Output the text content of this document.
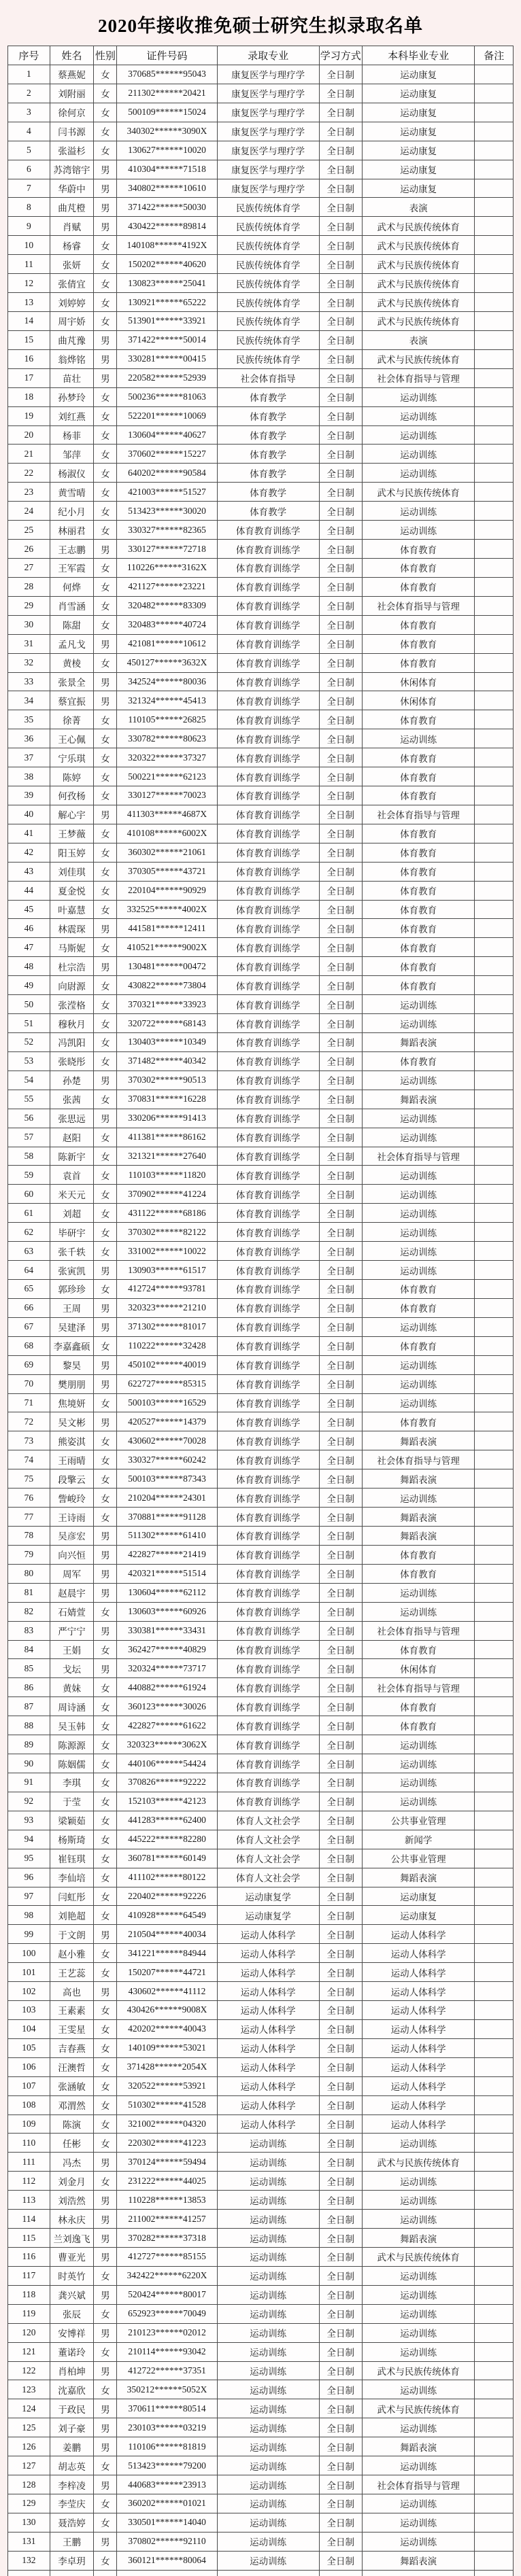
2020年接收推免硕士研究生拟录取名单
序号	姓名	性别	证件号码	录取专业	学习方式	本科毕业专业	备注
1	蔡燕妮	女	370685******95043	康复医学与理疗学	全日制	运动康复	
2	刘附丽	女	211302******20421	康复医学与理疗学	全日制	运动康复	
3	徐何京	女	500109******15024	康复医学与理疗学	全日制	运动康复	
4	闫书源	女	340302******3090X	康复医学与理疗学	全日制	运动康复	
5	张溢杉	女	130627******10020	康复医学与理疗学	全日制	运动康复	
6	苏湾镕宇	男	410304******71518	康复医学与理疗学	全日制	运动康复	
7	华蔚中	男	340802******10610	康复医学与理疗学	全日制	运动康复	
8	曲芃橙	男	371422******50030	民族传统体育学	全日制	表演	
9	肖赋	男	430422******89814	民族传统体育学	全日制	武术与民族传统体育	
10	杨睿	女	140108******4192X	民族传统体育学	全日制	武术与民族传统体育	
11	张妍	女	150202******40620	民族传统体育学	全日制	武术与民族传统体育	
12	张倩宜	女	130823******25041	民族传统体育学	全日制	武术与民族传统体育	
13	刘婷婷	女	130921******65222	民族传统体育学	全日制	武术与民族传统体育	
14	周宇娇	女	513901******33921	民族传统体育学	全日制	武术与民族传统体育	
15	曲芃豫	男	371422******50014	民族传统体育学	全日制	表演	
16	翁烨铭	男	330281******00415	民族传统体育学	全日制	武术与民族传统体育	
17	苗壮	男	220582******52939	社会体育指导	全日制	社会体育指导与管理	
18	孙梦玲	女	500236******81063	体育教学	全日制	运动训练	
19	刘红燕	女	522201******10069	体育教学	全日制	运动训练	
20	杨菲	女	130604******40627	体育教学	全日制	运动训练	
21	邹萍	女	370602******15227	体育教学	全日制	运动训练	
22	杨淑仪	女	640202******90584	体育教学	全日制	运动训练	
23	黄雪晴	女	421003******51527	体育教学	全日制	武术与民族传统体育	
24	纪小月	女	513423******30020	体育教学	全日制	运动训练	
25	林丽君	女	330327******82365	体育教育训练学	全日制	运动训练	
26	王志鹏	男	330127******72718	体育教育训练学	全日制	体育教育	
27	王军霞	女	110226******3162X	体育教育训练学	全日制	体育教育	
28	何烨	女	421127******23221	体育教育训练学	全日制	体育教育	
29	肖雪涵	女	320482******83309	体育教育训练学	全日制	社会体育指导与管理	
30	陈甜	女	320483******40724	体育教育训练学	全日制	体育教育	
31	孟凡戈	男	421081******10612	体育教育训练学	全日制	体育教育	
32	黄棱	女	450127******3632X	体育教育训练学	全日制	体育教育	
33	张景全	男	342524******80036	体育教育训练学	全日制	休闲体育	
34	蔡宜振	男	321324******45413	体育教育训练学	全日制	休闲体育	
35	徐菁	女	110105******26825	体育教育训练学	全日制	体育教育	
36	王心佩	女	330782******80623	体育教育训练学	全日制	运动训练	
37	宁乐琪	女	320322******37327	体育教育训练学	全日制	体育教育	
38	陈婷	女	500221******62123	体育教育训练学	全日制	体育教育	
39	何孜杨	女	330127******70023	体育教育训练学	全日制	体育教育	
40	解心宇	男	411303******4687X	体育教育训练学	全日制	社会体育指导与管理	
41	王梦薇	女	410108******6002X	体育教育训练学	全日制	体育教育	
42	阳玉婷	女	360302******21061	体育教育训练学	全日制	体育教育	
43	刘佳琪	女	370305******43721	体育教育训练学	全日制	体育教育	
44	夏金悦	女	220104******90929	体育教育训练学	全日制	体育教育	
45	叶嘉慧	女	332525******4002X	体育教育训练学	全日制	体育教育	
46	林震琛	男	441581******12411	体育教育训练学	全日制	体育教育	
47	马斯妮	女	410521******9002X	体育教育训练学	全日制	体育教育	
48	杜宗浩	男	130481******00472	体育教育训练学	全日制	体育教育	
49	向尉源	女	430822******73804	体育教育训练学	全日制	体育教育	
50	张滢格	女	370321******33923	体育教育训练学	全日制	运动训练	
51	穆秋月	女	320722******68143	体育教育训练学	全日制	运动训练	
52	冯凯阳	女	130403******10349	体育教育训练学	全日制	舞蹈表演	
53	张晓彤	女	371482******40342	体育教育训练学	全日制	体育教育	
54	孙楚	男	370302******90513	体育教育训练学	全日制	运动训练	
55	张茜	女	370831******16228	体育教育训练学	全日制	舞蹈表演	
56	张思远	男	330206******91413	体育教育训练学	全日制	运动训练	
57	赵阳	女	411381******86162	体育教育训练学	全日制	运动训练	
58	陈新宇	女	321321******27640	体育教育训练学	全日制	社会体育指导与管理	
59	袁首	女	110103******11820	体育教育训练学	全日制	运动训练	
60	米天元	女	370902******41224	体育教育训练学	全日制	运动训练	
61	刘超	女	431122******68186	体育教育训练学	全日制	运动训练	
62	毕研宇	女	370302******82122	体育教育训练学	全日制	运动训练	
63	张千轶	女	331002******10022	体育教育训练学	全日制	运动训练	
64	张寅凯	男	130903******61517	体育教育训练学	全日制	运动训练	
65	郭珍珍	女	412724******93781	体育教育训练学	全日制	体育教育	
66	王周	男	320323******21210	体育教育训练学	全日制	体育教育	
67	吴建泽	男	371302******81017	体育教育训练学	全日制	运动训练	
68	李嘉鑫硕	女	110222******32428	体育教育训练学	全日制	体育教育	
69	黎昊	男	450102******40019	体育教育训练学	全日制	运动训练	
70	樊朋朋	男	622727******85315	体育教育训练学	全日制	运动训练	
71	焦境妍	女	500103******16529	体育教育训练学	全日制	运动训练	
72	吴文彬	男	420527******14379	体育教育训练学	全日制	体育教育	
73	熊姿淇	女	430602******70028	体育教育训练学	全日制	舞蹈表演	
74	王雨晴	女	330327******60242	体育教育训练学	全日制	社会体育指导与管理	
75	段擎云	女	500103******87343	体育教育训练学	全日制	舞蹈表演	
76	訾峻玲	女	210204******24301	体育教育训练学	全日制	运动训练	
77	王诗雨	女	370881******91128	体育教育训练学	全日制	舞蹈表演	
78	吴彦宏	男	511302******61410	体育教育训练学	全日制	舞蹈表演	
79	向兴恒	男	422827******21419	体育教育训练学	全日制	体育教育	
80	周军	男	420321******51514	体育教育训练学	全日制	体育教育	
81	赵晨宇	男	130604******62112	体育教育训练学	全日制	运动训练	
82	石婧萱	女	130603******60926	体育教育训练学	全日制	运动训练	
83	严宁宁	男	330381******33431	体育教育训练学	全日制	社会体育指导与管理	
84	王娟	女	362427******40829	体育教育训练学	全日制	体育教育	
85	戈坛	男	320324******73717	体育教育训练学	全日制	休闲体育	
86	黄妹	女	440882******61924	体育教育训练学	全日制	社会体育指导与管理	
87	周诗涵	女	360123******30026	体育教育训练学	全日制	体育教育	
88	吴玉韩	女	422827******61622	体育教育训练学	全日制	体育教育	
89	陈源源	女	320323******3062X	体育教育训练学	全日制	运动训练	
90	陈姻儒	女	440106******54424	体育教育训练学	全日制	运动训练	
91	李琪	女	370826******92222	体育教育训练学	全日制	运动训练	
92	于莹	女	152103******42123	体育教育训练学	全日制	运动训练	
93	梁颖茹	女	441283******62400	体育人文社会学	全日制	公共事业管理	
94	杨斯琦	女	445222******82280	体育人文社会学	全日制	新闻学	
95	崔钰琪	女	360781******60149	体育人文社会学	全日制	公共事业管理	
96	李仙培	女	411102******80122	体育人文社会学	全日制	舞蹈表演	
97	闫虹彤	女	220402******92226	运动康复学	全日制	运动康复	
98	刘艳超	女	410928******64549	运动康复学	全日制	运动康复	
99	于文朗	男	210504******40034	运动人体科学	全日制	运动人体科学	
100	赵小雅	女	341221******84944	运动人体科学	全日制	运动人体科学	
101	王艺蕊	女	150207******44721	运动人体科学	全日制	运动人体科学	
102	高也	男	430602******41112	运动人体科学	全日制	运动人体科学	
103	王素素	女	430426******9008X	运动人体科学	全日制	运动人体科学	
104	王雯星	女	420202******40043	运动人体科学	全日制	运动人体科学	
105	吉春燕	女	140109******53021	运动人体科学	全日制	运动人体科学	
106	汪澳哲	女	371428******2054X	运动人体科学	全日制	运动人体科学	
107	张涵敏	女	320522******53921	运动人体科学	全日制	运动人体科学	
108	邓渭然	女	510302******41528	运动人体科学	全日制	运动人体科学	
109	陈演	女	321002******04320	运动人体科学	全日制	运动人体科学	
110	任彬	女	220302******41223	运动训练	全日制	运动训练	
111	冯杰	男	370124******59494	运动训练	全日制	武术与民族传统体育	
112	刘金月	女	231222******44025	运动训练	全日制	运动训练	
113	刘浩然	男	110228******13853	运动训练	全日制	运动训练	
114	林永庆	男	211002******41257	运动训练	全日制	运动训练	
115	兰刘逸飞	男	370282******37318	运动训练	全日制	舞蹈表演	
116	曹亚光	男	412727******85155	运动训练	全日制	武术与民族传统体育	
117	时英竹	女	342422******6220X	运动训练	全日制	运动训练	
118	龚兴斌	男	520424******80017	运动训练	全日制	运动训练	
119	张辰	女	652923******70049	运动训练	全日制	运动训练	
120	安博祥	男	210123******02012	运动训练	全日制	运动训练	
121	董诺玲	女	210114******93042	运动训练	全日制	运动训练	
122	肖柏坤	男	412722******37351	运动训练	全日制	武术与民族传统体育	
123	沈嘉欣	女	350212******5052X	运动训练	全日制	运动训练	
124	于政民	男	370611******80514	运动训练	全日制	武术与民族传统体育	
125	刘子豪	男	230103******03219	运动训练	全日制	运动训练	
126	姜鹏	男	110106******81819	运动训练	全日制	舞蹈表演	
127	胡志英	女	513423******79200	运动训练	全日制	运动训练	
128	李梓凌	男	440683******23913	运动训练	全日制	社会体育指导与管理	
129	李莹庆	女	360202******01021	运动训练	全日制	运动训练	
130	聂浩婷	女	330501******14040	运动训练	全日制	运动训练	
131	王鹏	男	370802******92110	运动训练	全日制	运动训练	
132	李卓玥	女	360121******80064	运动训练	全日制	舞蹈表演	
